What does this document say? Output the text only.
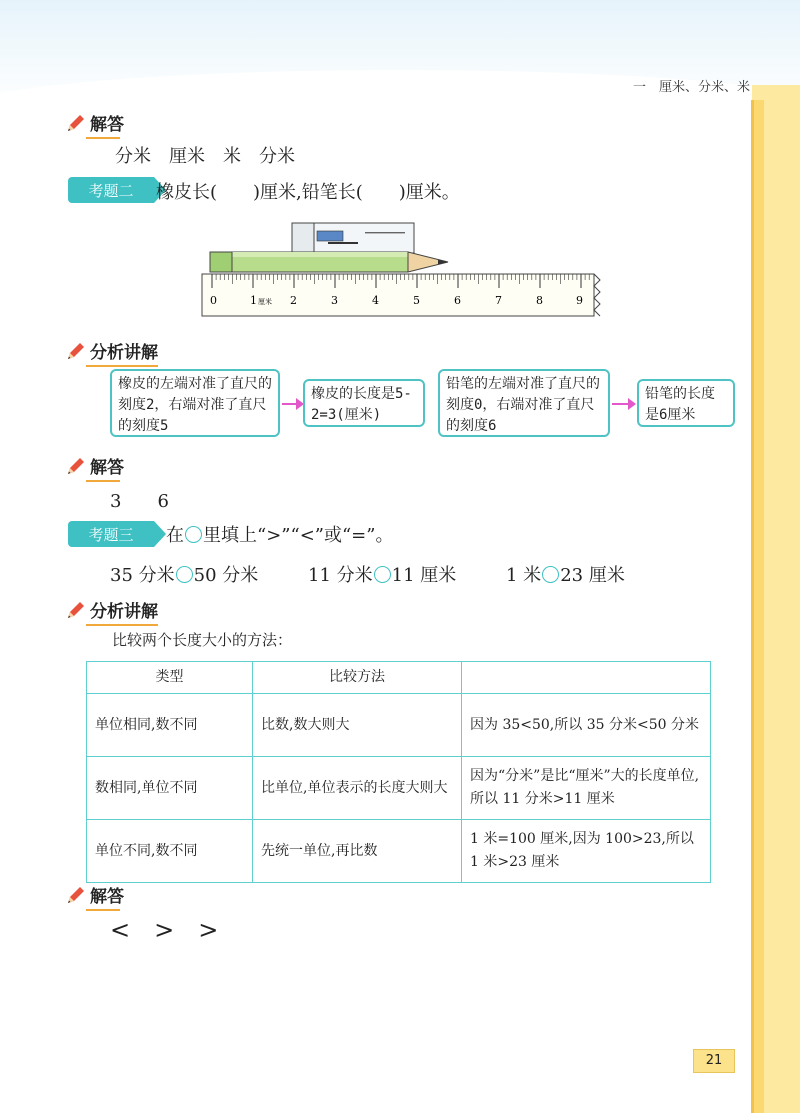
一　厘米、分米、米
解答
分米　厘米　米　分米
考题二	橡皮长(　　)厘米,铅笔长(　　)厘米。
0	1 厘米 2	3	4	5	6	7	8	9
分析讲解
橡皮的左端对准了直尺的刻度2，右端对准了直尺的刻度5
橡皮的长度是5-2=3(厘米)
铅笔的左端对准了直尺的刻度0，右端对准了直尺的刻度6
铅笔的长度是6厘米
解答
3　　6
考题三	在 里填上“>”“<”或“=”。
35 分米 50 分米	11 分米 11 厘米	1 米 23 厘米
分析讲解
比较两个长度大小的方法：
类型	比较方法	
单位相同,数不同	比数,数大则大	因为 35<50,所以 35 分米<50 分米
数相同,单位不同	比单位,单位表示的长度大则大	因为“分米”是比“厘米”大的长度单位,所以 11 分米>11 厘米
单位不同,数不同	先统一单位,再比数	1 米=100 厘米,因为 100>23,所以 1 米>23 厘米
解答
<　>　>
21
